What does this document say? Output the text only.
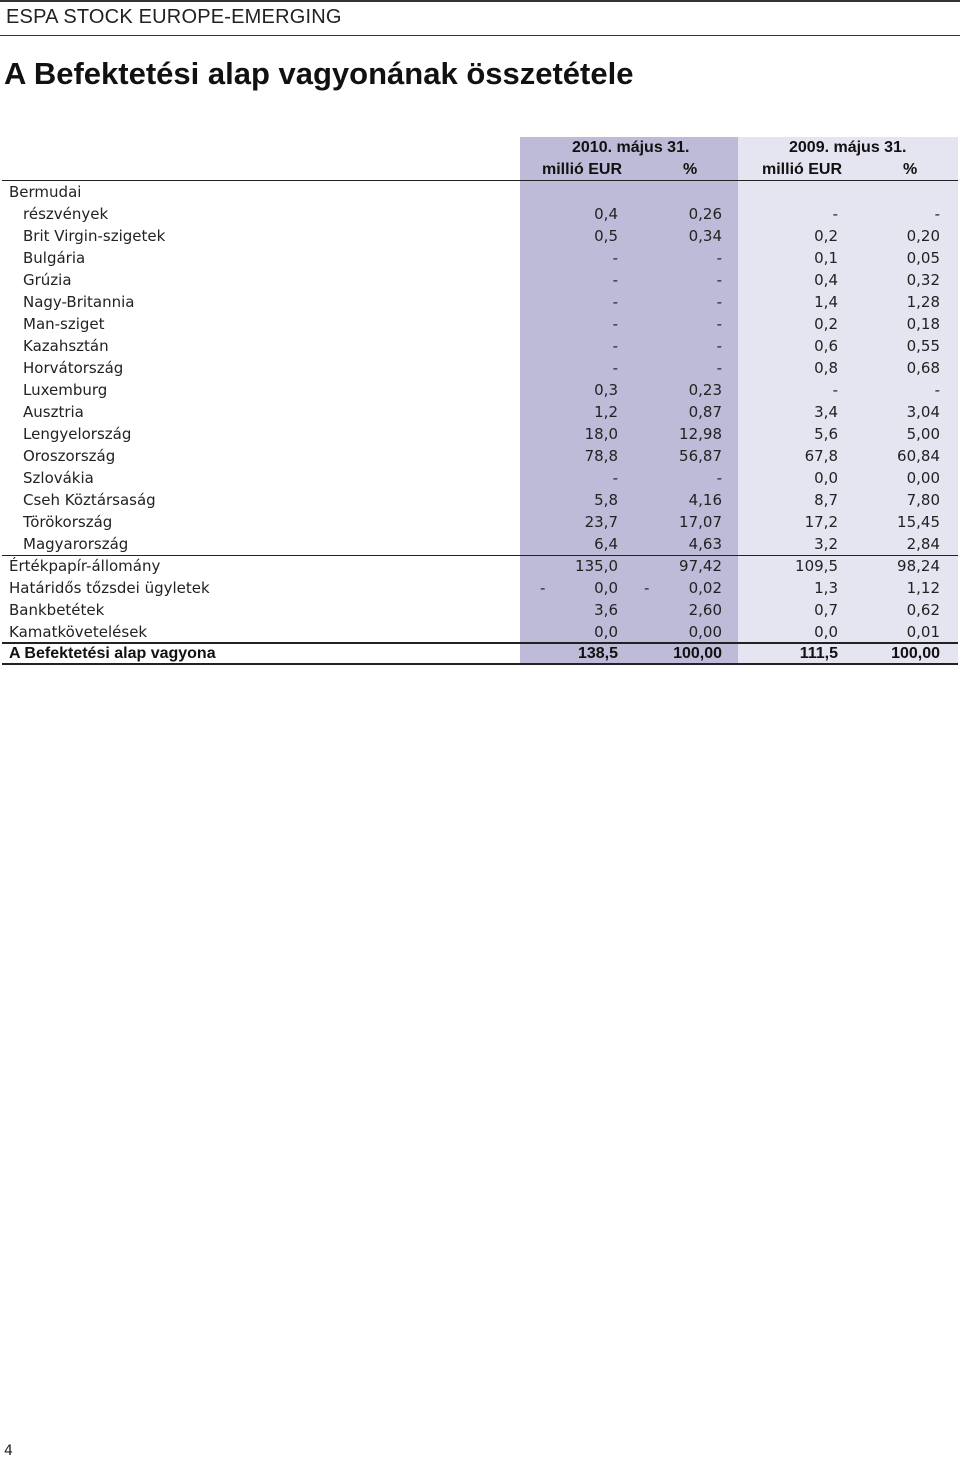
ESPA STOCK EUROPE-EMERGING
A Befektetési alap vagyonának összetétele
2010. május 31.	2009. május 31.
millió EUR	%	millió EUR	%
Bermudai
részvények	0,4	0,26	-	-
Brit Virgin-szigetek	0,5	0,34	0,2	0,20
Bulgária	-	-	0,1	0,05
Grúzia	-	-	0,4	0,32
Nagy-Britannia	-	-	1,4	1,28
Man-sziget	-	-	0,2	0,18
Kazahsztán	-	-	0,6	0,55
Horvátország	-	-	0,8	0,68
Luxemburg	0,3	0,23	-	-
Ausztria	1,2	0,87	3,4	3,04
Lengyelország	18,0	12,98	5,6	5,00
Oroszország	78,8	56,87	67,8	60,84
Szlovákia	-	-	0,0	0,00
Cseh Köztársaság	5,8	4,16	8,7	7,80
Törökország	23,7	17,07	17,2	15,45
Magyarország	6,4	4,63	3,2	2,84
Értékpapír-állomány	135,0	97,42	109,5	98,24
Határidős tőzsdei ügyletek	-	0,0 -	0,02	1,3	1,12
Bankbetétek	3,6	2,60	0,7	0,62
Kamatkövetelések	0,0	0,00	0,0	0,01
A Befektetési alap vagyona	138,5	100,00	111,5	100,00
4
